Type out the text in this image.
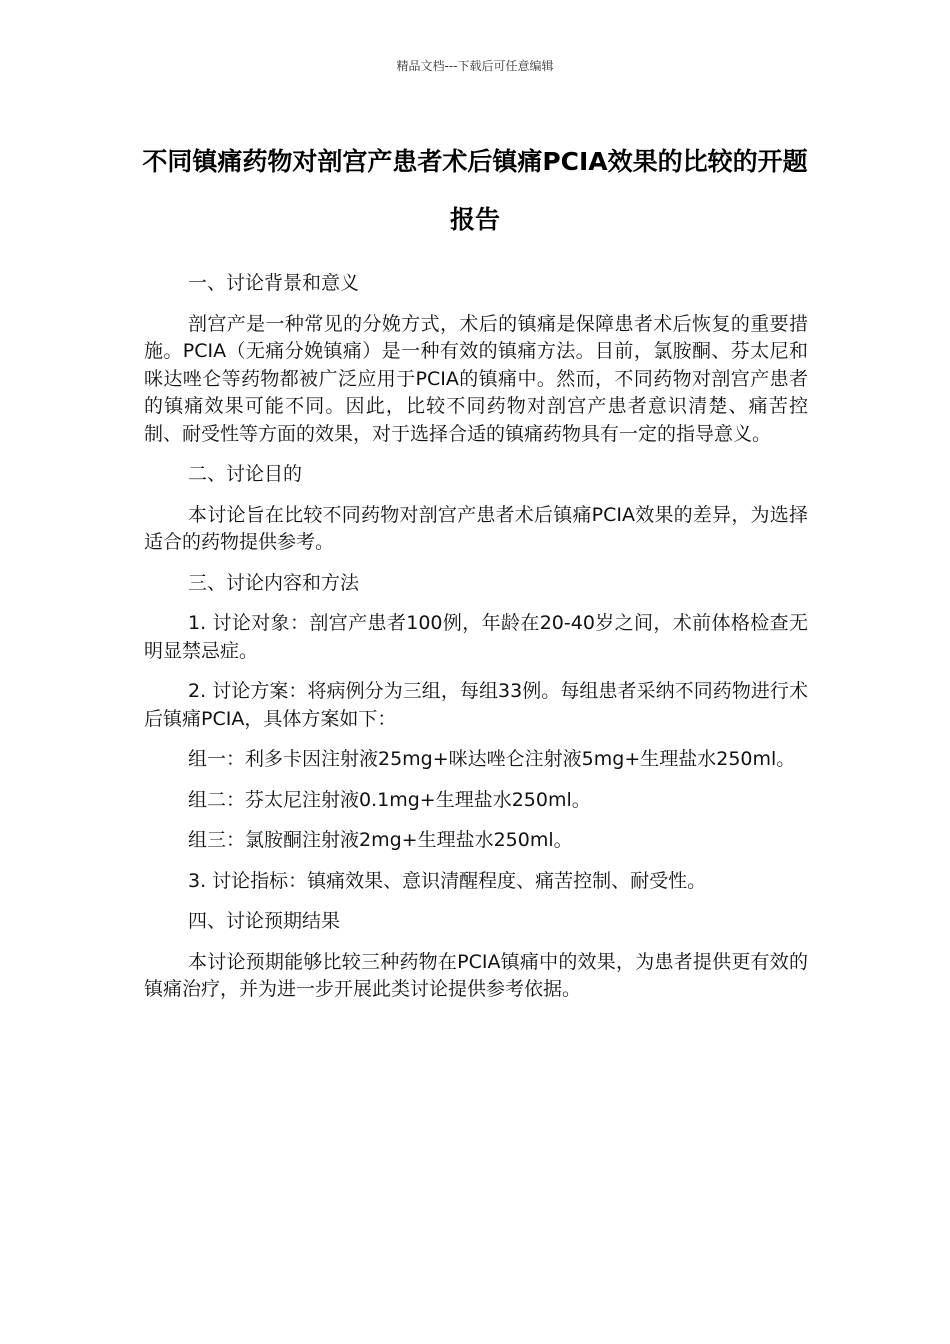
精品文档---下载后可任意编辑
不同镇痛药物对剖宫产患者术后镇痛PCIA效果的比较的开题报告

一、讨论背景和意义

剖宫产是一种常见的分娩方式，术后的镇痛是保障患者术后恢复的重要措施。PCIA（无痛分娩镇痛）是一种有效的镇痛方法。目前，氯胺酮、芬太尼和咪达唑仑等药物都被广泛应用于PCIA的镇痛中。然而，不同药物对剖宫产患者的镇痛效果可能不同。因此，比较不同药物对剖宫产患者意识清楚、痛苦控制、耐受性等方面的效果，对于选择合适的镇痛药物具有一定的指导意义。

二、讨论目的

本讨论旨在比较不同药物对剖宫产患者术后镇痛PCIA效果的差异，为选择适合的药物提供参考。

三、讨论内容和方法

1. 讨论对象：剖宫产患者100例，年龄在20-40岁之间，术前体格检查无明显禁忌症。

2. 讨论方案：将病例分为三组，每组33例。每组患者采纳不同药物进行术后镇痛PCIA，具体方案如下：

组一：利多卡因注射液25mg+咪达唑仑注射液5mg+生理盐水250ml。

组二：芬太尼注射液0.1mg+生理盐水250ml。

组三：氯胺酮注射液2mg+生理盐水250ml。

3. 讨论指标：镇痛效果、意识清醒程度、痛苦控制、耐受性。

四、讨论预期结果

本讨论预期能够比较三种药物在PCIA镇痛中的效果，为患者提供更有效的镇痛治疗，并为进一步开展此类讨论提供参考依据。
